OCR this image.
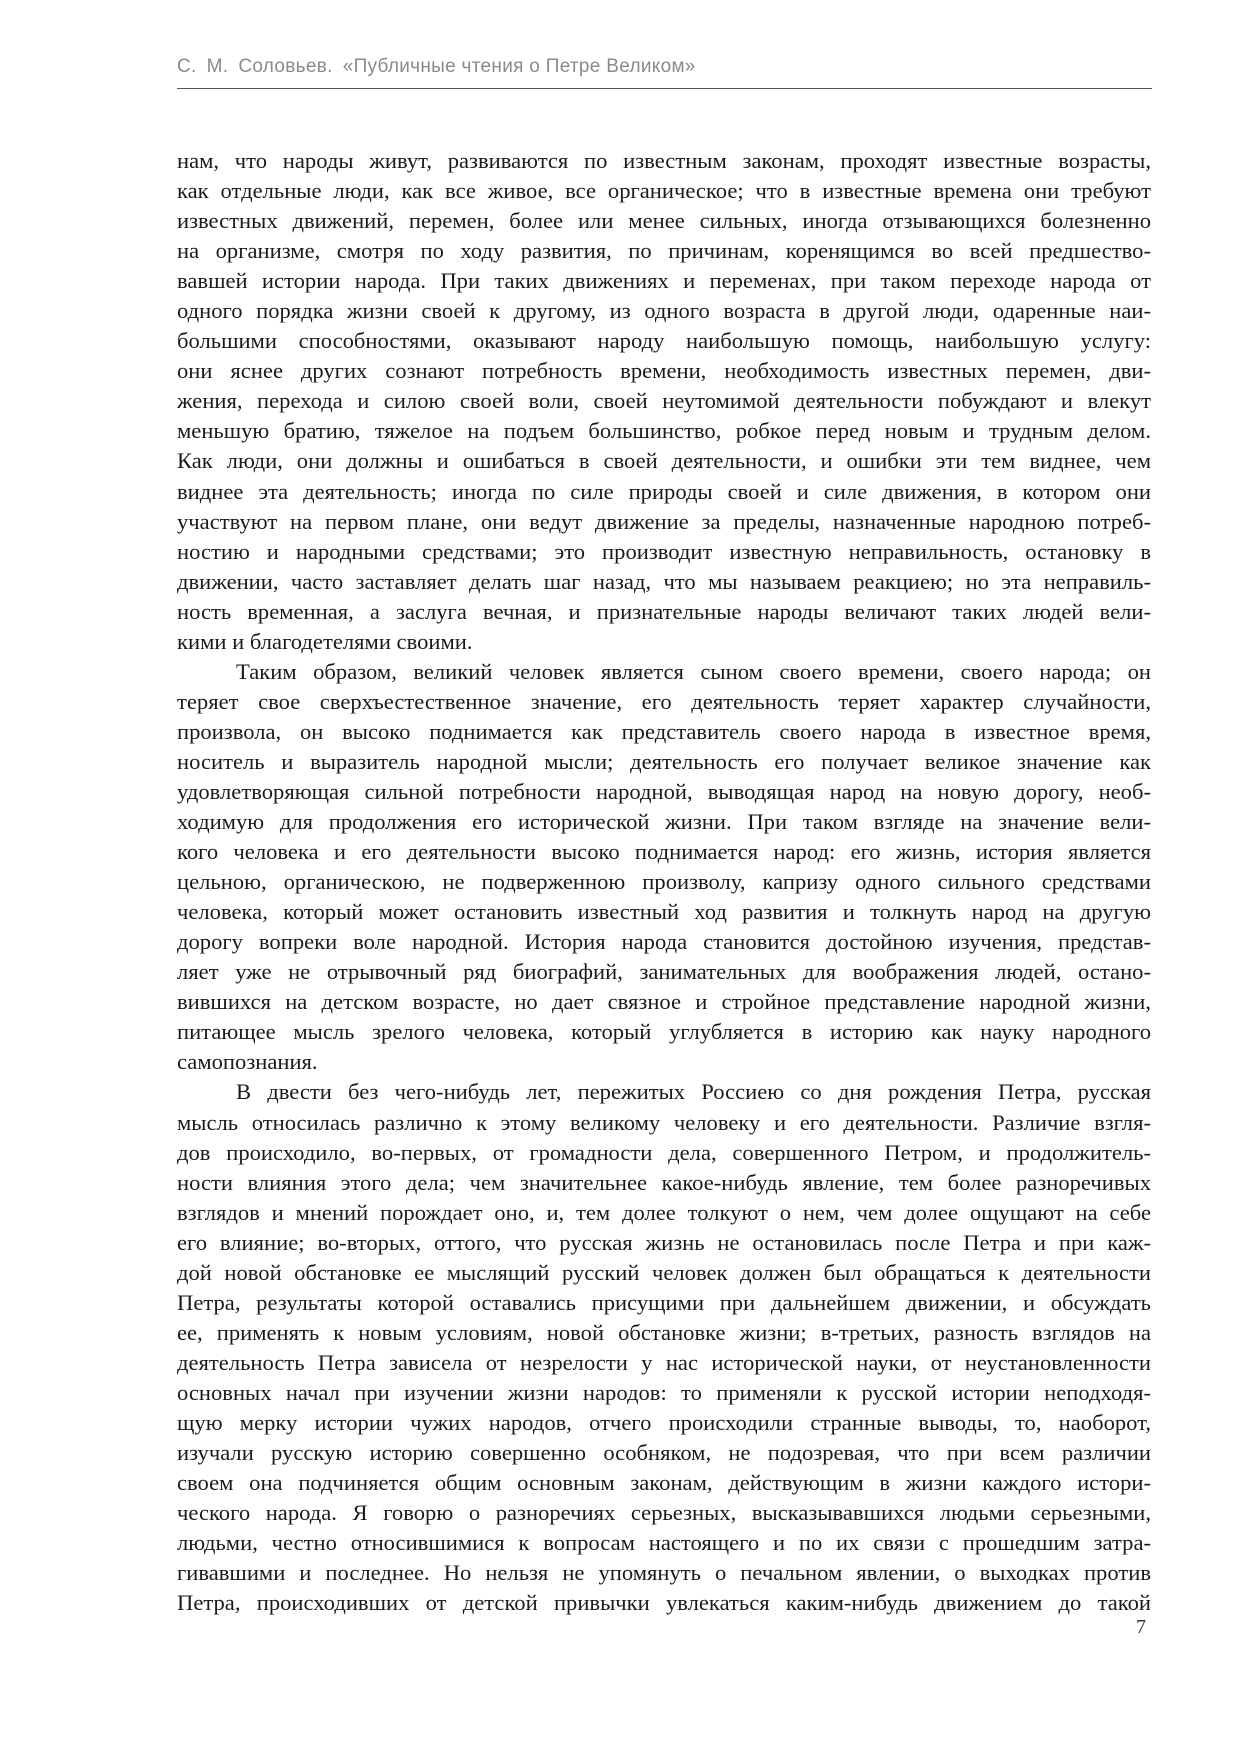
С. М. Соловьев. «Публичные чтения о Петре Великом»

нам, что народы живут, развиваются по известным законам, проходят известные возрасты,
как отдельные люди, как все живое, все органическое; что в известные времена они требуют
известных движений, перемен, более или менее сильных, иногда отзывающихся болезненно
на организме, смотря по ходу развития, по причинам, коренящимся во всей предшество-
вавшей истории народа. При таких движениях и переменах, при таком переходе народа от
одного порядка жизни своей к другому, из одного возраста в другой люди, одаренные наи-
большими способностями, оказывают народу наибольшую помощь, наибольшую услугу:
они яснее других сознают потребность времени, необходимость известных перемен, дви-
жения, перехода и силою своей воли, своей неутомимой деятельности побуждают и влекут
меньшую братию, тяжелое на подъем большинство, робкое перед новым и трудным делом.
Как люди, они должны и ошибаться в своей деятельности, и ошибки эти тем виднее, чем
виднее эта деятельность; иногда по силе природы своей и силе движения, в котором они
участвуют на первом плане, они ведут движение за пределы, назначенные народною потреб-
ностию и народными средствами; это производит известную неправильность, остановку в
движении, часто заставляет делать шаг назад, что мы называем реакциею; но эта неправиль-
ность временная, а заслуга вечная, и признательные народы величают таких людей вели-
кими и благодетелями своими.

Таким образом, великий человек является сыном своего времени, своего народа; он
теряет свое сверхъестественное значение, его деятельность теряет характер случайности,
произвола, он высоко поднимается как представитель своего народа в известное время,
носитель и выразитель народной мысли; деятельность его получает великое значение как
удовлетворяющая сильной потребности народной, выводящая народ на новую дорогу, необ-
ходимую для продолжения его исторической жизни. При таком взгляде на значение вели-
кого человека и его деятельности высоко поднимается народ: его жизнь, история является
цельною, органическою, не подверженною произволу, капризу одного сильного средствами
человека, который может остановить известный ход развития и толкнуть народ на другую
дорогу вопреки воле народной. История народа становится достойною изучения, представ-
ляет уже не отрывочный ряд биографий, занимательных для воображения людей, остано-
вившихся на детском возрасте, но дает связное и стройное представление народной жизни,
питающее мысль зрелого человека, который углубляется в историю как науку народного
самопознания.

В двести без чего-нибудь лет, пережитых Россиею со дня рождения Петра, русская
мысль относилась различно к этому великому человеку и его деятельности. Различие взгля-
дов происходило, во-первых, от громадности дела, совершенного Петром, и продолжитель-
ности влияния этого дела; чем значительнее какое-нибудь явление, тем более разноречивых
взглядов и мнений порождает оно, и, тем долее толкуют о нем, чем долее ощущают на себе
его влияние; во-вторых, оттого, что русская жизнь не остановилась после Петра и при каж-
дой новой обстановке ее мыслящий русский человек должен был обращаться к деятельности
Петра, результаты которой оставались присущими при дальнейшем движении, и обсуждать
ее, применять к новым условиям, новой обстановке жизни; в-третьих, разность взглядов на
деятельность Петра зависела от незрелости у нас исторической науки, от неустановленности
основных начал при изучении жизни народов: то применяли к русской истории неподходя-
щую мерку истории чужих народов, отчего происходили странные выводы, то, наоборот,
изучали русскую историю совершенно особняком, не подозревая, что при всем различии
своем она подчиняется общим основным законам, действующим в жизни каждого истори-
ческого народа. Я говорю о разноречиях серьезных, высказывавшихся людьми серьезными,
людьми, честно относившимися к вопросам настоящего и по их связи с прошедшим затра-
гивавшими и последнее. Но нельзя не упомянуть о печальном явлении, о выходках против
Петра, происходивших от детской привычки увлекаться каким-нибудь движением до такой

7
